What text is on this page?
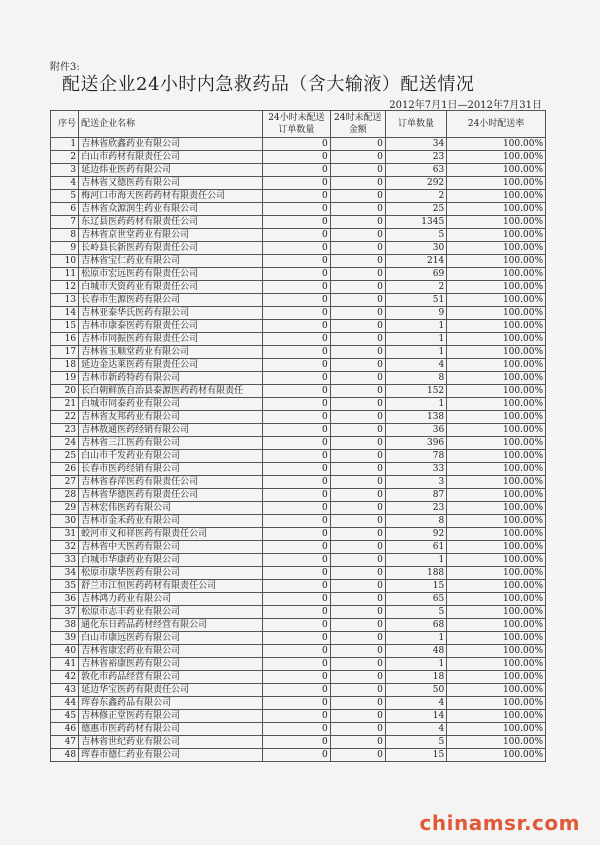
附件3:
配送企业24小时内急救药品（含大输液）配送情况
2012年7月1日—2012年7月31日
序号	配送企业名称	24小时未配送订单数量	24时未配送金额	订单数量	24小时配送率
1	吉林省欣鑫药业有限公司	0	0	34	100.00%
2	白山市药材有限责任公司	0	0	23	100.00%
3	延边炜业医药有限公司	0	0	63	100.00%
4	吉林省又德医药有限公司	0	0	292	100.00%
5	梅河口市海天医药药材有限责任公司	0	0	2	100.00%
6	吉林省众源润生药业有限公司	0	0	25	100.00%
7	东辽县医药药材有限责任公司	0	0	1345	100.00%
8	吉林省京世堂药业有限公司	0	0	5	100.00%
9	长岭县长新医药有限责任公司	0	0	30	100.00%
10	吉林省宝仁药业有限公司	0	0	214	100.00%
11	松原市宏远医药有限责任公司	0	0	69	100.00%
12	白城市天资药业有限责任公司	0	0	2	100.00%
13	长春市生源医药有限公司	0	0	51	100.00%
14	吉林亚泰华氏医药有限公司	0	0	9	100.00%
15	吉林市康泰医药有限责任公司	0	0	1	100.00%
16	吉林市同振医药有限责任公司	0	0	1	100.00%
17	吉林省玉顺堂药业有限公司	0	0	1	100.00%
18	延边金达莱医药有限责任公司	0	0	4	100.00%
19	吉林市新药特药有限公司	0	0	8	100.00%
20	长白朝鲜族自治县泰源医药药材有限责任	0	0	152	100.00%
21	白城市同泰药业有限公司	0	0	1	100.00%
22	吉林省友邦药业有限公司	0	0	138	100.00%
23	吉林敖通医药经销有限公司	0	0	36	100.00%
24	吉林省三江医药有限公司	0	0	396	100.00%
25	白山市千发药业有限公司	0	0	78	100.00%
26	长春市医药经销有限公司	0	0	33	100.00%
27	吉林省春萍医药有限责任公司	0	0	3	100.00%
28	吉林省华德医药有限责任公司	0	0	87	100.00%
29	吉林宏伟医药有限公司	0	0	23	100.00%
30	吉林市金禾药业有限公司	0	0	8	100.00%
31	蛟河市义和祥医药有限责任公司	0	0	92	100.00%
32	吉林省中天医药有限公司	0	0	61	100.00%
33	白城市华康药业有限公司	0	0	1	100.00%
34	松原市康华医药有限公司	0	0	188	100.00%
35	舒兰市江恒医药药材有限责任公司	0	0	15	100.00%
36	吉林鸿力药业有限公司	0	0	65	100.00%
37	松原市志丰药业有限公司	0	0	5	100.00%
38	通化东日药品药材经营有限公司	0	0	68	100.00%
39	白山市康远医药有限公司	0	0	1	100.00%
40	吉林省康宏药业有限公司	0	0	48	100.00%
41	吉林省裕康医药有限公司	0	0	1	100.00%
42	敦化市药品经营有限公司	0	0	18	100.00%
43	延边华宝医药有限责任公司	0	0	50	100.00%
44	珲春东鑫药品有限公司	0	0	4	100.00%
45	吉林修正堂医药有限公司	0	0	14	100.00%
46	德惠市医药药材有限公司	0	0	4	100.00%
47	吉林省世纪药业有限公司	0	0	5	100.00%
48	珲春市德仁药业有限公司	0	0	15	100.00%
chinamsr.com
